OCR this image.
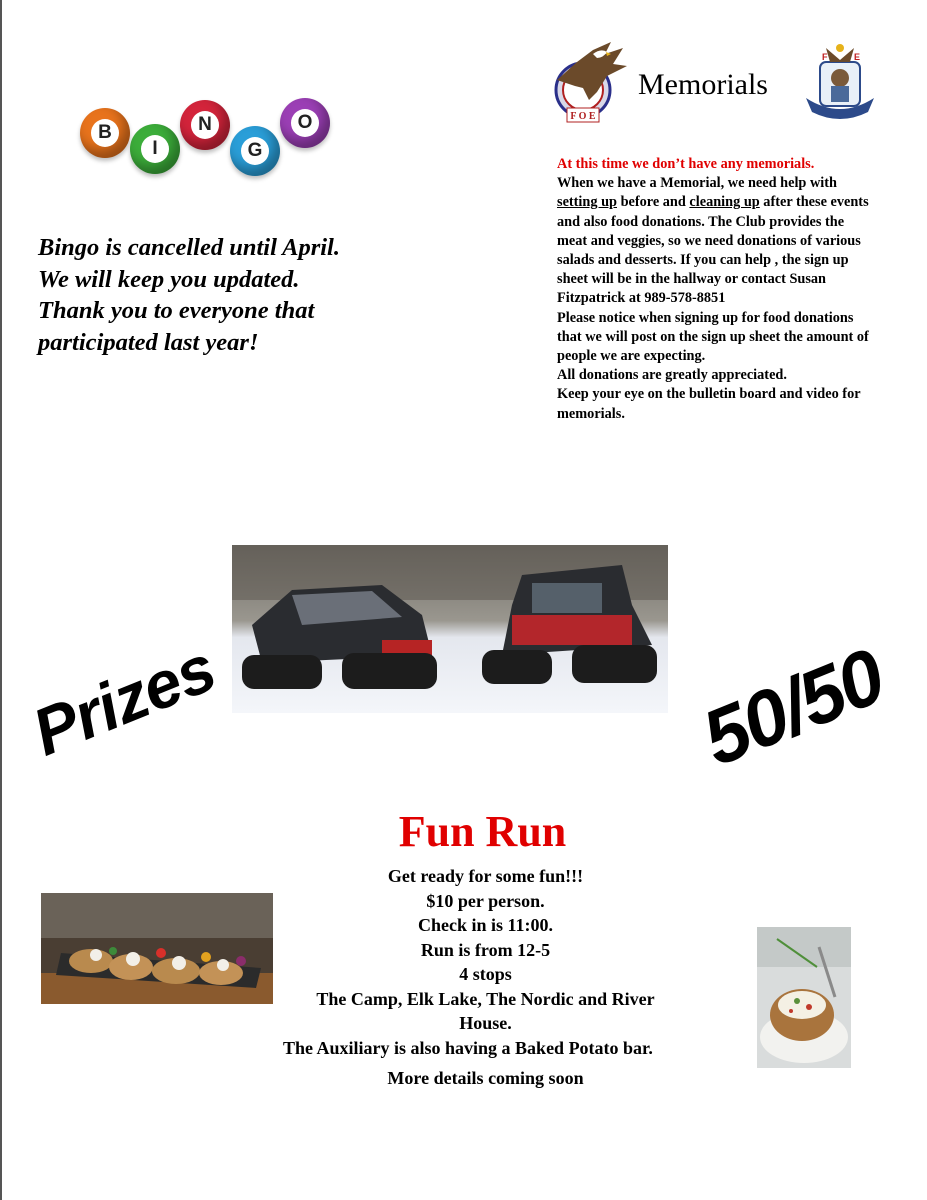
B
I
N
G
O
Bingo is cancelled until April.
We will keep you updated.
Thank you to everyone that
participated last year!
F O E
Memorials
F	E

At this time we don’t have any memorials.

When we have a Memorial, we need help with setting up before and cleaning up after these events and also food donations. The Club provides the meat and veggies, so we need donations of various salads and desserts. If you can help , the sign up sheet will be in the hallway or contact Susan Fitzpatrick at 989-578-8851

Please notice when signing up for food donations that we will post on the sign up sheet the amount of people we are expecting.

All donations are greatly appreciated.

Keep your eye on the bulletin board and video for memorials.

Prizes	50/50
Fun Run

Get ready for some fun!!!

$10 per person.

Check in is 11:00.

Run is from 12-5

4 stops

The Camp, Elk Lake, The Nordic and River

House.

The Auxiliary is also having a Baked Potato bar.

More details coming soon
